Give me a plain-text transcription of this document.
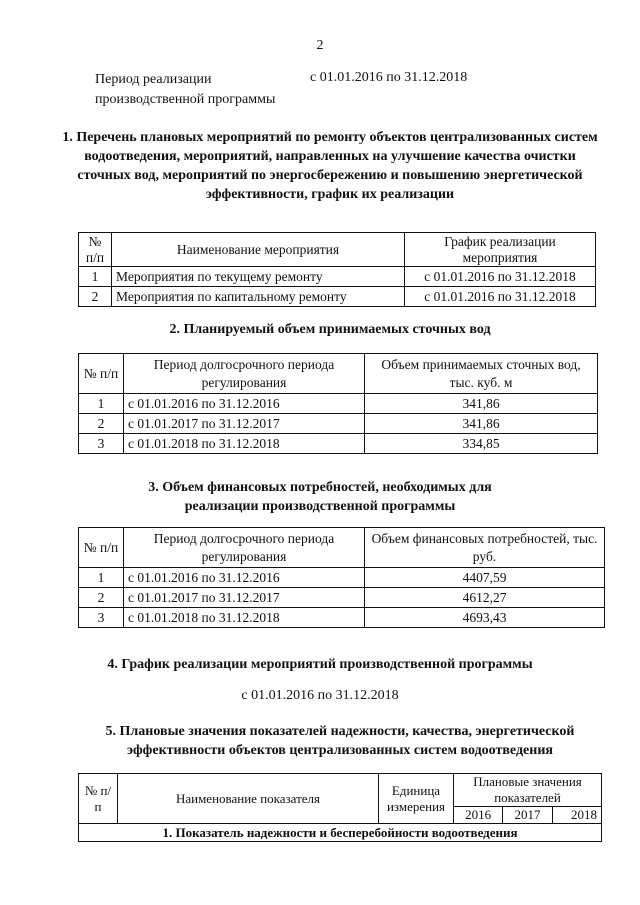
2
Период реализации
производственной программы
с 01.01.2016 по 31.12.2018
1. Перечень плановых мероприятий по ремонту объектов централизованных систем водоотведения, мероприятий, направленных на улучшение качества очистки сточных вод, мероприятий по энергосбережению и повышению энергетической эффективности, график их реализации
№ п/п	Наименование мероприятия	График реализации мероприятия
1	Мероприятия по текущему ремонту	с 01.01.2016 по 31.12.2018
2	Мероприятия по капитальному ремонту	с 01.01.2016 по 31.12.2018
2. Планируемый объем принимаемых сточных вод
№ п/п	Период долгосрочного периода регулирования	Объем принимаемых сточных вод, тыс. куб. м
1	с 01.01.2016 по 31.12.2016	341,86
2	с 01.01.2017 по 31.12.2017	341,86
3	с 01.01.2018 по 31.12.2018	334,85
3. Объем финансовых потребностей, необходимых для реализации производственной программы
№ п/п	Период долгосрочного периода регулирования	Объем финансовых потребностей, тыс. руб.
1	с 01.01.2016 по 31.12.2016	4407,59
2	с 01.01.2017 по 31.12.2017	4612,27
3	с 01.01.2018 по 31.12.2018	4693,43
4. График реализации мероприятий производственной программы
с 01.01.2016 по 31.12.2018
5. Плановые значения показателей надежности, качества, энергетической эффективности объектов централизованных систем водоотведения
№ п/п	Наименование показателя	Единица измерения	Плановые значения показателей		
			2016	2017	2018
1. Показатель надежности и бесперебойности водоотведения					
